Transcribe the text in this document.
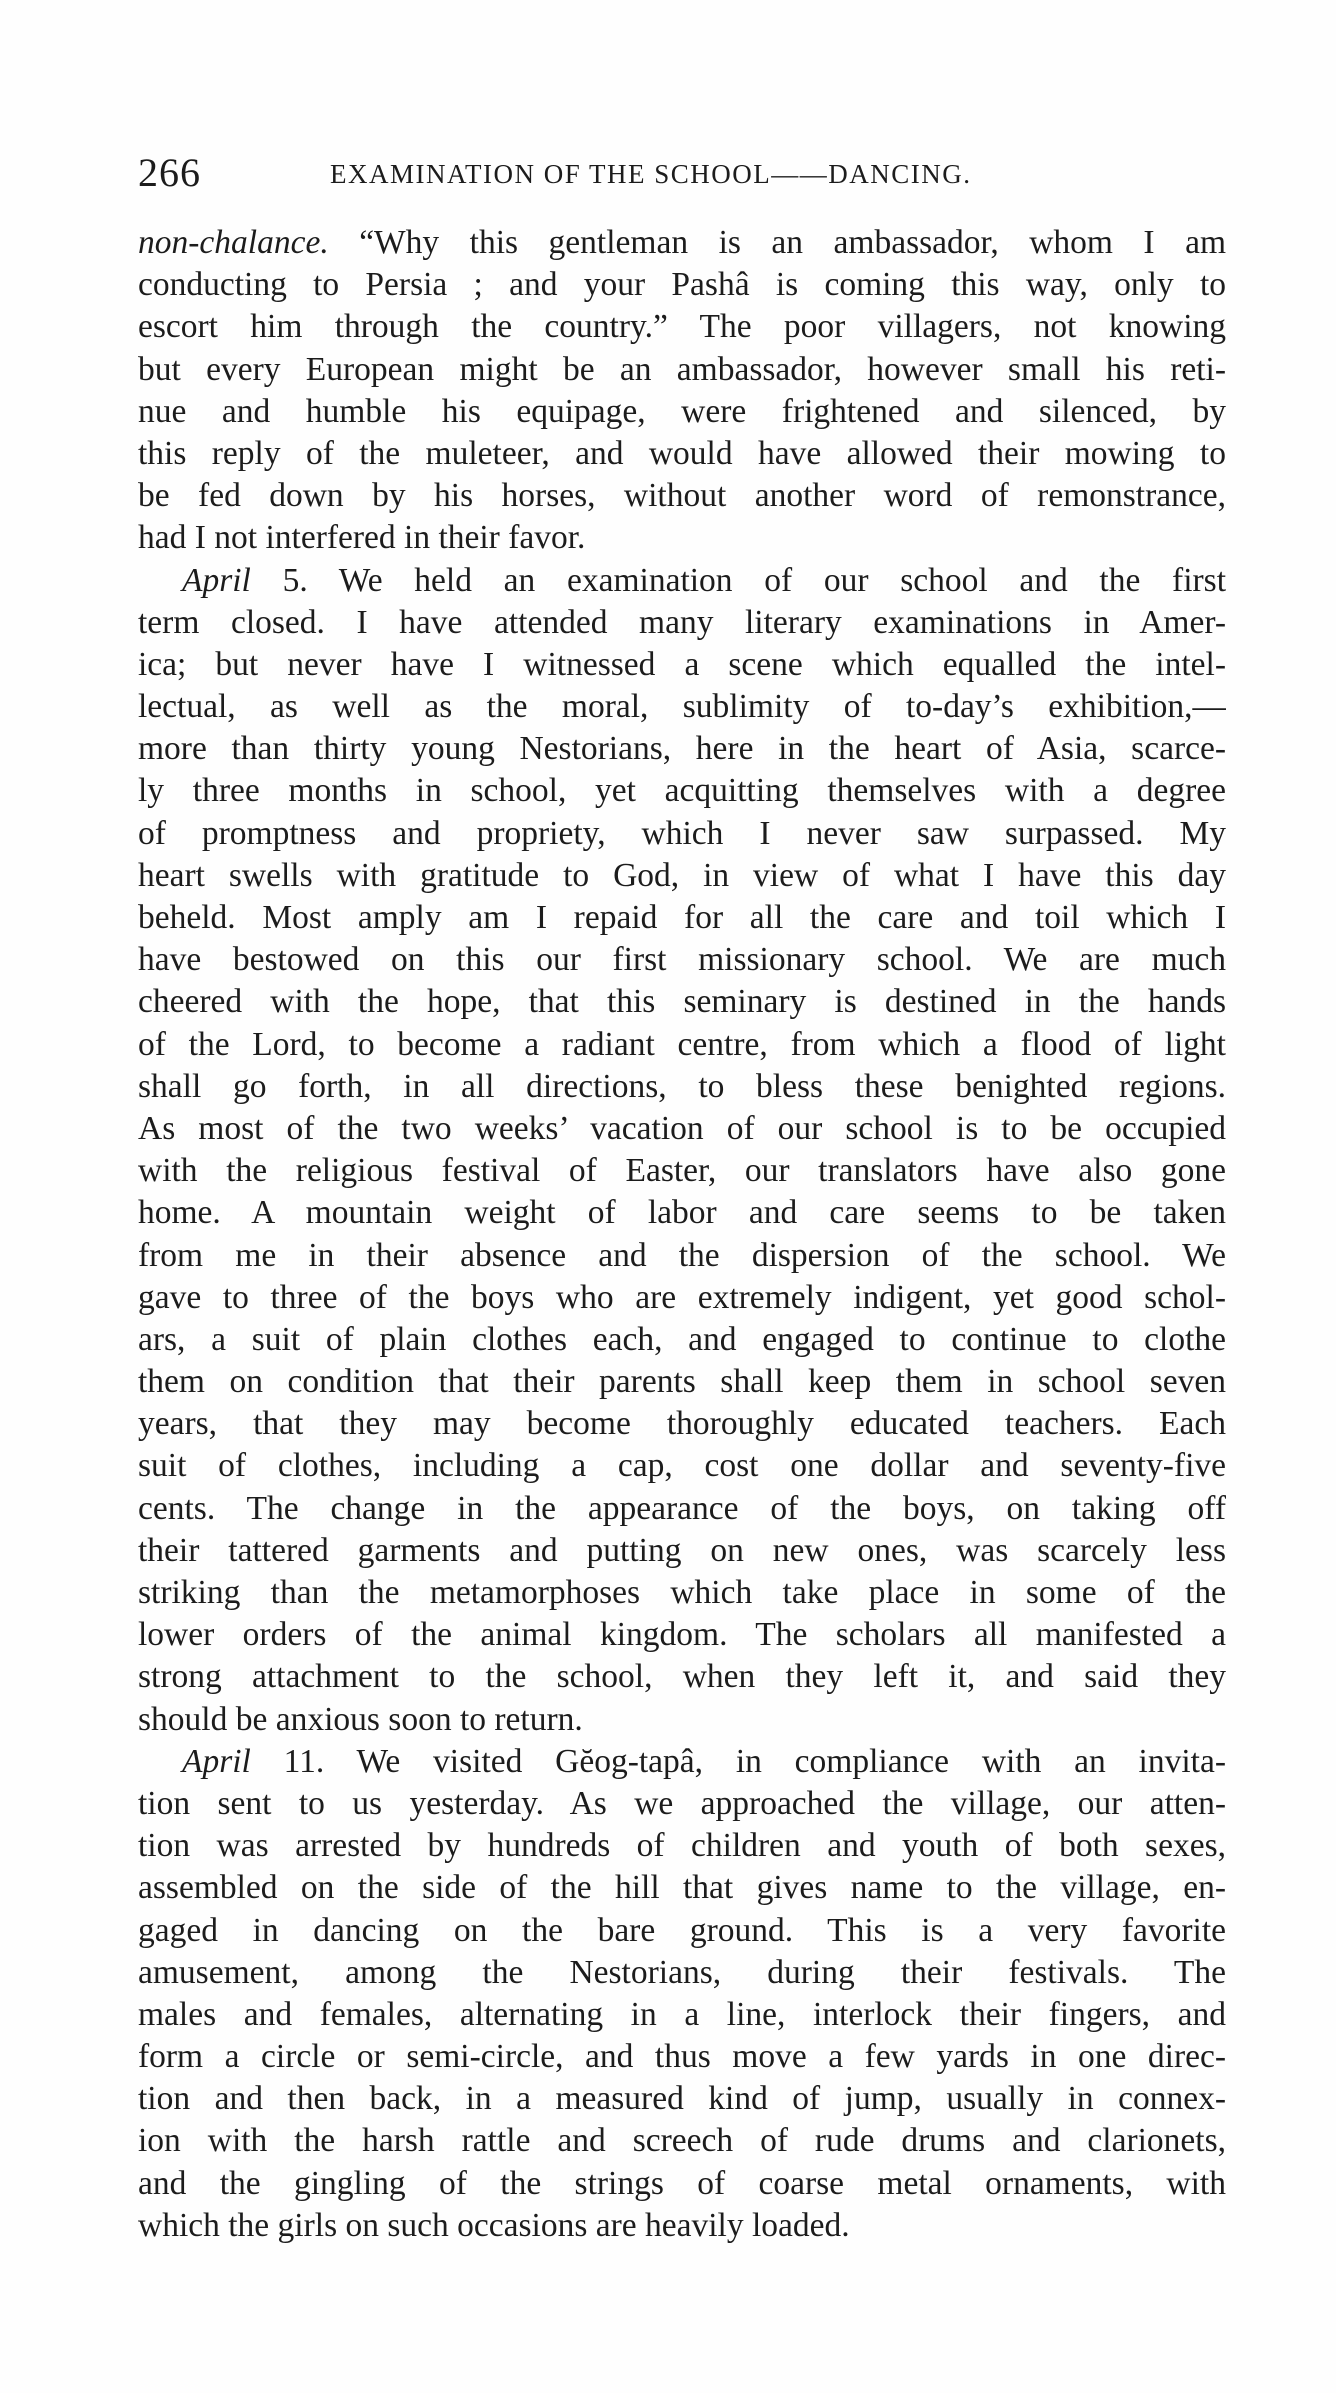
266	EXAMINATION OF THE SCHOOL——DANCING.
non-chalance. “Why this gentleman is an ambassador, whom I am
conducting to Persia ; and your Pashâ is coming this way, only to
escort him through the country.” The poor villagers, not knowing
but every European might be an ambassador, however small his reti-
nue and humble his equipage, were frightened and silenced, by
this reply of the muleteer, and would have allowed their mowing to
be fed down by his horses, without another word of remonstrance,
had I not interfered in their favor.
April 5. We held an examination of our school and the first
term closed. I have attended many literary examinations in Amer-
ica; but never have I witnessed a scene which equalled the intel-
lectual, as well as the moral, sublimity of to-day’s exhibition,—
more than thirty young Nestorians, here in the heart of Asia, scarce-
ly three months in school, yet acquitting themselves with a degree
of promptness and propriety, which I never saw surpassed. My
heart swells with gratitude to God, in view of what I have this day
beheld. Most amply am I repaid for all the care and toil which I
have bestowed on this our first missionary school. We are much
cheered with the hope, that this seminary is destined in the hands
of the Lord, to become a radiant centre, from which a flood of light
shall go forth, in all directions, to bless these benighted regions.
As most of the two weeks’ vacation of our school is to be occupied
with the religious festival of Easter, our translators have also gone
home. A mountain weight of labor and care seems to be taken
from me in their absence and the dispersion of the school. We
gave to three of the boys who are extremely indigent, yet good schol-
ars, a suit of plain clothes each, and engaged to continue to clothe
them on condition that their parents shall keep them in school seven
years, that they may become thoroughly educated teachers. Each
suit of clothes, including a cap, cost one dollar and seventy-five
cents. The change in the appearance of the boys, on taking off
their tattered garments and putting on new ones, was scarcely less
striking than the metamorphoses which take place in some of the
lower orders of the animal kingdom. The scholars all manifested a
strong attachment to the school, when they left it, and said they
should be anxious soon to return.
April 11. We visited Gĕog-tapâ, in compliance with an invita-
tion sent to us yesterday. As we approached the village, our atten-
tion was arrested by hundreds of children and youth of both sexes,
assembled on the side of the hill that gives name to the village, en-
gaged in dancing on the bare ground. This is a very favorite
amusement, among the Nestorians, during their festivals. The
males and females, alternating in a line, interlock their fingers, and
form a circle or semi-circle, and thus move a few yards in one direc-
tion and then back, in a measured kind of jump, usually in connex-
ion with the harsh rattle and screech of rude drums and clarionets,
and the gingling of the strings of coarse metal ornaments, with
which the girls on such occasions are heavily loaded.
